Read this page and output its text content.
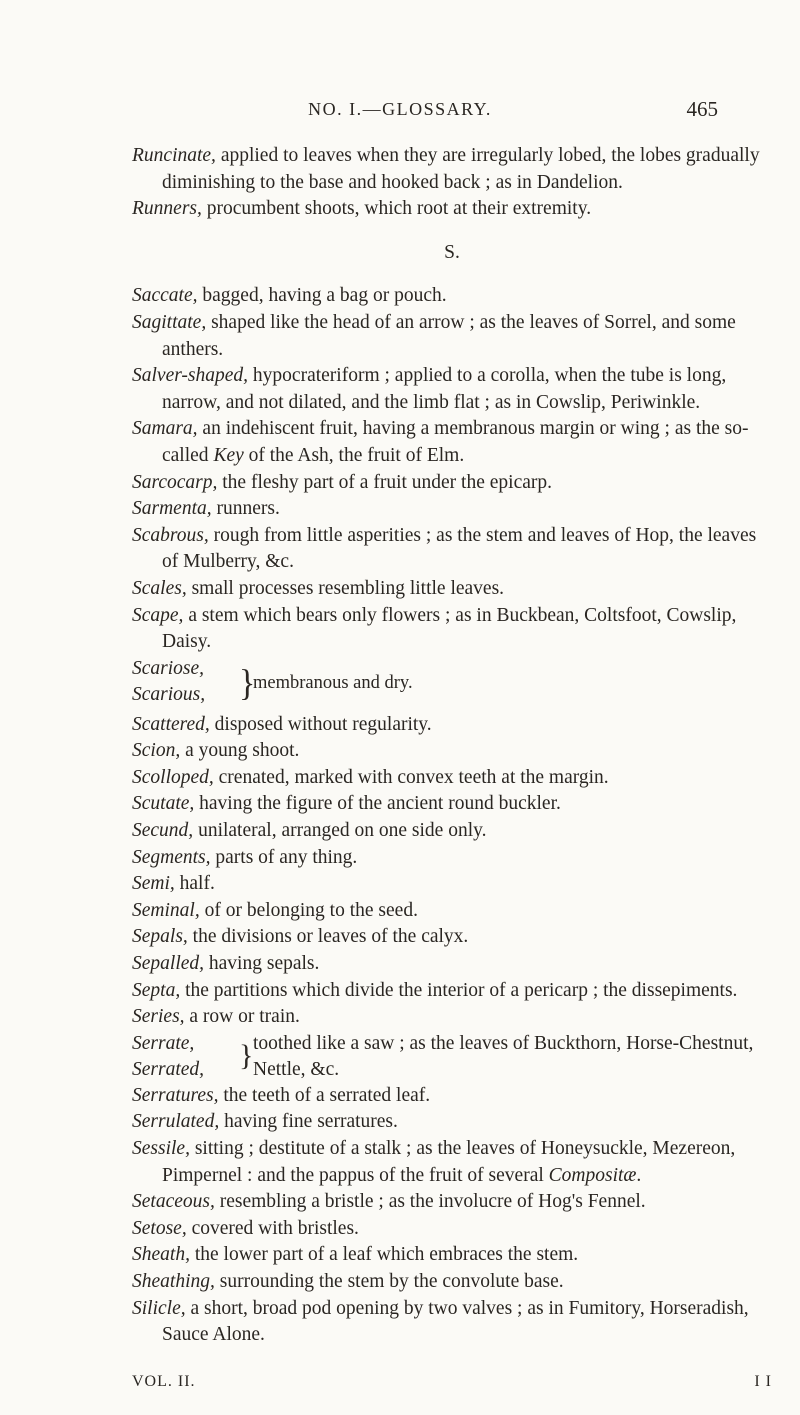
NO. I.—GLOSSARY.	465

Runcinate, applied to leaves when they are irregularly lobed, the lobes gradually diminishing to the base and hooked back ; as in Dandelion.

Runners, procumbent shoots, which root at their extremity.

S.

Saccate, bagged, having a bag or pouch.

Sagittate, shaped like the head of an arrow ; as the leaves of Sorrel, and some anthers.

Salver-shaped, hypocrateriform ; applied to a corolla, when the tube is long, narrow, and not dilated, and the limb flat ; as in Cowslip, Periwinkle.

Samara, an indehiscent fruit, having a membranous margin or wing ; as the so-called Key of the Ash, the fruit of Elm.

Sarcocarp, the fleshy part of a fruit under the epicarp.

Sarmenta, runners.

Scabrous, rough from little asperities ; as the stem and leaves of Hop, the leaves of Mulberry, &c.

Scales, small processes resembling little leaves.

Scape, a stem which bears only flowers ; as in Buckbean, Coltsfoot, Cowslip, Daisy.

Scariose,
Scarious, }
membranous and dry.

Scattered, disposed without regularity.

Scion, a young shoot.

Scolloped, crenated, marked with convex teeth at the margin.

Scutate, having the figure of the ancient round buckler.

Secund, unilateral, arranged on one side only.

Segments, parts of any thing.

Semi, half.

Seminal, of or belonging to the seed.

Sepals, the divisions or leaves of the calyx.

Sepalled, having sepals.

Septa, the partitions which divide the interior of a pericarp ; the dissepiments.

Series, a row or train.

Serrate,
Serrated, } toothed like a saw ; as the leaves of Buckthorn, Horse-Chestnut,
Nettle, &c.

Serratures, the teeth of a serrated leaf.

Serrulated, having fine serratures.

Sessile, sitting ; destitute of a stalk ; as the leaves of Honeysuckle, Mezereon, Pimpernel : and the pappus of the fruit of several Compositæ.

Setaceous, resembling a bristle ; as the involucre of Hog's Fennel.

Setose, covered with bristles.

Sheath, the lower part of a leaf which embraces the stem.

Sheathing, surrounding the stem by the convolute base.

Silicle, a short, broad pod opening by two valves ; as in Fumitory, Horseradish, Sauce Alone.

VOL. II.	I I
